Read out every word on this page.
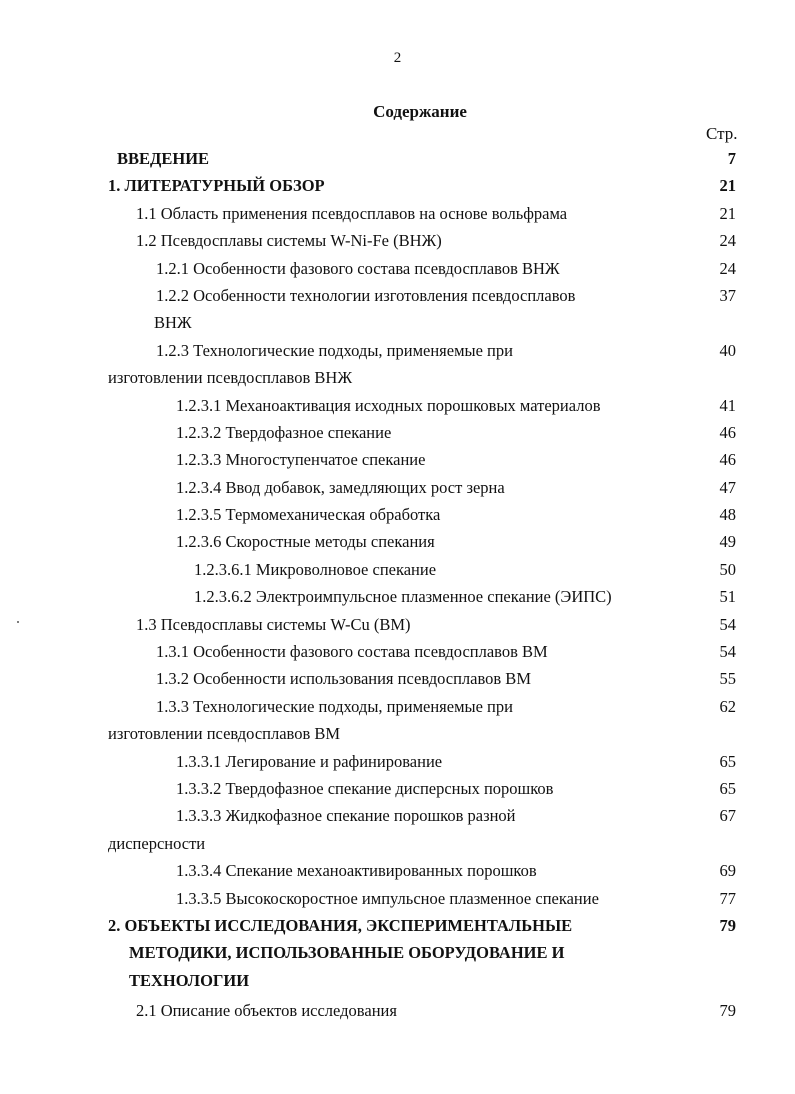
2
Содержание
Стр.
ВВЕДЕНИЕ	7
1. ЛИТЕРАТУРНЫЙ ОБЗОР	21
1.1 Область применения псевдосплавов на основе вольфрама	21
1.2 Псевдосплавы системы W-Ni-Fe (ВНЖ)	24
1.2.1 Особенности фазового состава псевдосплавов ВНЖ	24
1.2.2 Особенности технологии изготовления псевдосплавов	37
ВНЖ
1.2.3 Технологические подходы, применяемые при	40
изготовлении псевдосплавов ВНЖ
1.2.3.1 Механоактивация исходных порошковых материалов	41
1.2.3.2 Твердофазное спекание	46
1.2.3.3 Многоступенчатое спекание	46
1.2.3.4 Ввод добавок, замедляющих рост зерна	47
1.2.3.5 Термомеханическая обработка	48
1.2.3.6 Скоростные методы спекания	49
1.2.3.6.1 Микроволновое спекание	50
1.2.3.6.2 Электроимпульсное плазменное спекание (ЭИПС)	51
1.3 Псевдосплавы системы W-Cu (ВМ)	54
1.3.1 Особенности фазового состава псевдосплавов ВМ	54
1.3.2 Особенности использования псевдосплавов ВМ	55
1.3.3 Технологические подходы, применяемые при	62
изготовлении псевдосплавов ВМ
1.3.3.1 Легирование и рафинирование	65
1.3.3.2 Твердофазное спекание дисперсных порошков	65
1.3.3.3 Жидкофазное спекание порошков разной	67
дисперсности
1.3.3.4 Спекание механоактивированных порошков	69
1.3.3.5 Высокоскоростное импульсное плазменное спекание	77
2. ОБЪЕКТЫ ИССЛЕДОВАНИЯ, ЭКСПЕРИМЕНТАЛЬНЫЕ	79
МЕТОДИКИ, ИСПОЛЬЗОВАННЫЕ ОБОРУДОВАНИЕ И
ТЕХНОЛОГИИ
2.1 Описание объектов исследования	79
